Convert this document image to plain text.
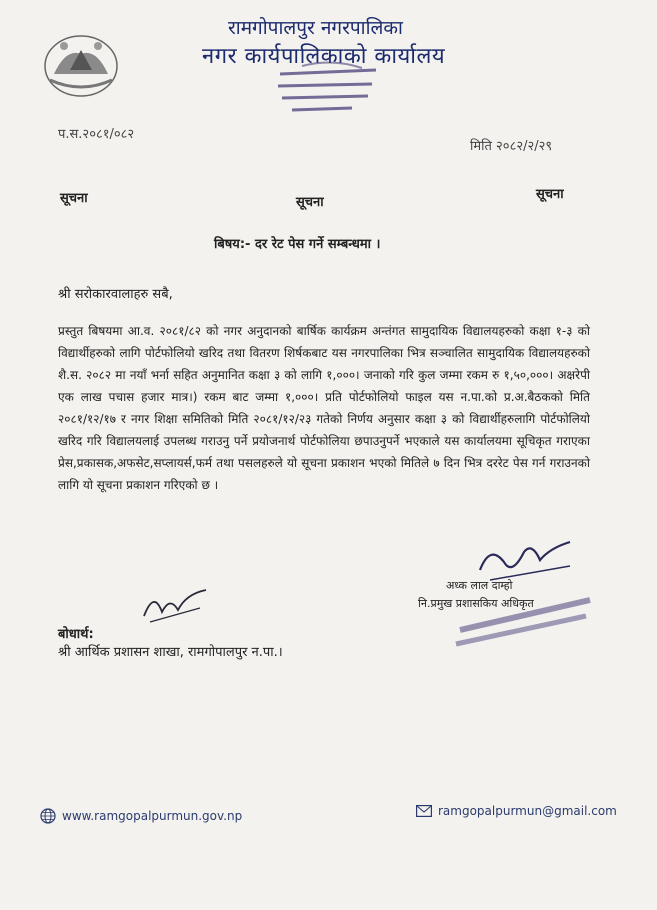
रामगोपालपुर नगरपालिका
नगर कार्यपालिकाको कार्यालय
प.स.२०८१/०८२
मिति २०८२/२/२९
सूचना	सूचना
सूचना
बिषय:- दर रेट पेस गर्ने सम्बन्धमा ।
श्री सरोकारवालाहरु सबै,
प्रस्तुत बिषयमा आ.व. २०८१/८२ को नगर अनुदानको बार्षिक कार्यक्रम अन्तंगत सामुदायिक विद्यालयहरुको कक्षा १-३ को विद्यार्थीहरुको लागि पोर्टफोलियो खरिद तथा वितरण शिर्षकबाट यस नगरपालिका भित्र सञ्चालित सामुदायिक विद्यालयहरुको शै.स. २०८२ मा नयाँ भर्ना सहित अनुमानित कक्षा ३ को लागि १,०००। जनाको गरि कुल जम्मा रकम रु १,५०,०००। अक्षरेपी एक लाख पचास हजार मात्र।) रकम बाट जम्मा १,०००। प्रति पोर्टफोलियो फाइल यस न.पा.को प्र.अ.बैठकको मिति २०८१/१२/१७ र नगर शिक्षा समितिको मिति २०८१/१२/२३ गतेको निर्णय अनुसार कक्षा ३ को विद्यार्थीहरुलागि पोर्टफोलियो खरिद गरि विद्यालयलाई उपलब्ध गराउनु पर्ने प्रयोजनार्थ पोर्टफोलिया छपाउनुपर्ने भएकाले यस कार्यालयमा सूचिकृत गराएका प्रेस,प्रकासक,अफसेट,सप्लायर्स,फर्म तथा पसलहरुले यो सूचना प्रकाशन भएको मितिले ७ दिन भित्र दररेट पेस गर्न गराउनको लागि यो सूचना प्रकाशन गरिएको छ ।
अध्क लाल दाम्हो
नि.प्रमुख प्रशासकिय अधिकृत
बोधार्थ:
श्री आर्थिक प्रशासन शाखा, रामगोपालपुर न.पा.।
www.ramgopalpurmun.gov.np	ramgopalpurmun@gmail.com
